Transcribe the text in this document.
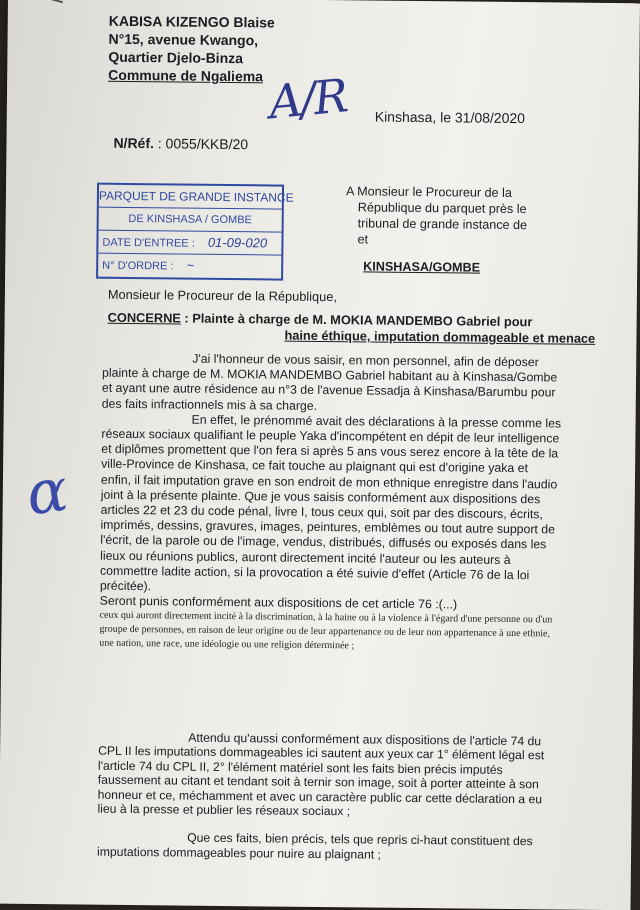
KABISA KIZENGO Blaise
N°15, avenue Kwango,
Quartier Djelo-Binza
Commune de Ngaliema A/R Kinshasa, le 31/08/2020
N/Réf. : 0055/KKB/20
PARQUET DE GRANDE INSTANCE
DE KINSHASA / GOMBE
DATE D'ENTREE : 01-09-020
N° D'ORDRE : ~
A Monsieur le Procureur de la
République du parquet près le
tribunal de grande instance de
et
KINSHASA/GOMBE
Monsieur le Procureur de la République,
CONCERNE : Plainte à charge de M. MOKIA MANDEMBO Gabriel pour
haine éthique, imputation dommageable et menace

J'ai l'honneur de vous saisir, en mon personnel, afin de déposer plainte à charge de M. MOKIA MANDEMBO Gabriel habitant au à Kinshasa/Gombe et ayant une autre résidence au n°3 de l'avenue Essadja à Kinshasa/Barumbu pour des faits infractionnels mis à sa charge.

En effet, le prénommé avait des déclarations à la presse comme les réseaux sociaux qualifiant le peuple Yaka d'incompétent en dépit de leur intelligence et diplômes promettent que l'on fera si après 5 ans vous serez encore à la tête de la ville-Province de Kinshasa, ce fait touche au plaignant qui est d'origine yaka et enfin, il fait imputation grave en son endroit de mon ethnique enregistre dans l'audio joint à la présente plainte. Que je vous saisis conformément aux dispositions des articles 22 et 23 du code pénal, livre I, tous ceux qui, soit par des discours, écrits, imprimés, dessins, gravures, images, peintures, emblèmes ou tout autre support de l'écrit, de la parole ou de l'image, vendus, distribués, diffusés ou exposés dans les lieux ou réunions publics, auront directement incité l'auteur ou les auteurs à commettre ladite action, si la provocation a été suivie d'effet (Article 76 de la loi précitée).

Seront punis conformément aux dispositions de cet article 76 :(...)

ceux qui auront directement incité à la discrimination, à la haine ou à la violence à l'égard d'une personne ou d'un groupe de personnes, en raison de leur origine ou de leur appartenance ou de leur non appartenance à une ethnie, une nation, une race, une idéologie ou une religion déterminée ;

Attendu qu'aussi conformément aux dispositions de l'article 74 du CPL II les imputations dommageables ici sautent aux yeux car 1° élément légal est l'article 74 du CPL II, 2° l'élément matériel sont les faits bien précis imputés faussement au citant et tendant soit à ternir son image, soit à porter atteinte à son honneur et ce, méchamment et avec un caractère public car cette déclaration a eu lieu à la presse et publier les réseaux sociaux ;

Que ces faits, bien précis, tels que repris ci-haut constituent des imputations dommageables pour nuire au plaignant ;

α
